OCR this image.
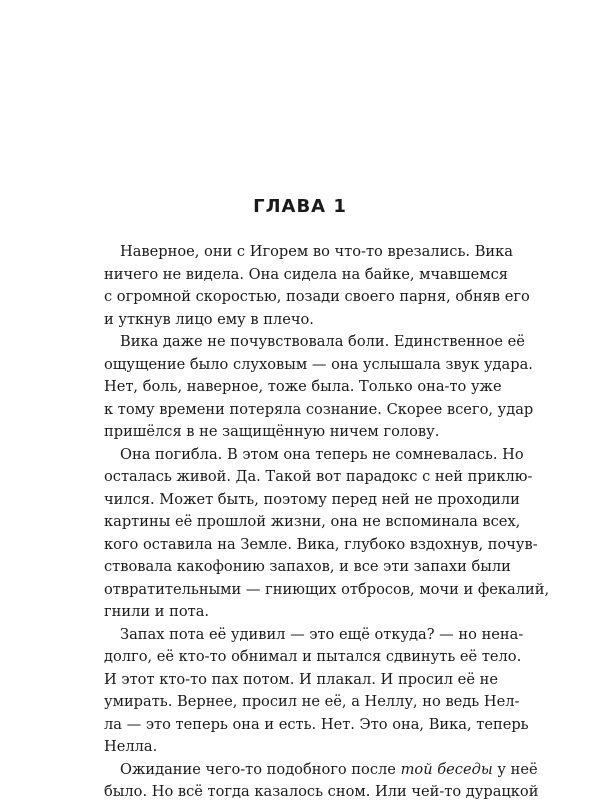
ГЛАВА 1
Наверное, они с Игорем во что-то врезались. Вика
ничего не видела. Она сидела на байке, мчавшемся
с огромной скоростью, позади своего парня, обняв его
и уткнув лицо ему в плечо.
Вика даже не почувствовала боли. Единственное её
ощущение было слуховым — она услышала звук удара.
Нет, боль, наверное, тоже была. Только она-то уже
к тому времени потеряла сознание. Скорее всего, удар
пришёлся в не защищённую ничем голову.
Она погибла. В этом она теперь не сомневалась. Но
осталась живой. Да. Такой вот парадокс с ней приклю-
чился. Может быть, поэтому перед ней не проходили
картины её прошлой жизни, она не вспоминала всех,
кого оставила на Земле. Вика, глубоко вздохнув, почув-
ствовала какофонию запахов, и все эти запахи были
отвратительными — гниющих отбросов, мочи и фекалий,
гнили и пота.
Запах пота её удивил — это ещё откуда? — но нена-
долго, её кто-то обнимал и пытался сдвинуть её тело.
И этот кто-то пах потом. И плакал. И просил её не
умирать. Вернее, просил не её, а Неллу, но ведь Нел-
ла — это теперь она и есть. Нет. Это она, Вика, теперь
Нелла.
Ожидание чего-то подобного после той беседы у неё
было. Но всё тогда казалось сном. Или чей-то дурацкой
